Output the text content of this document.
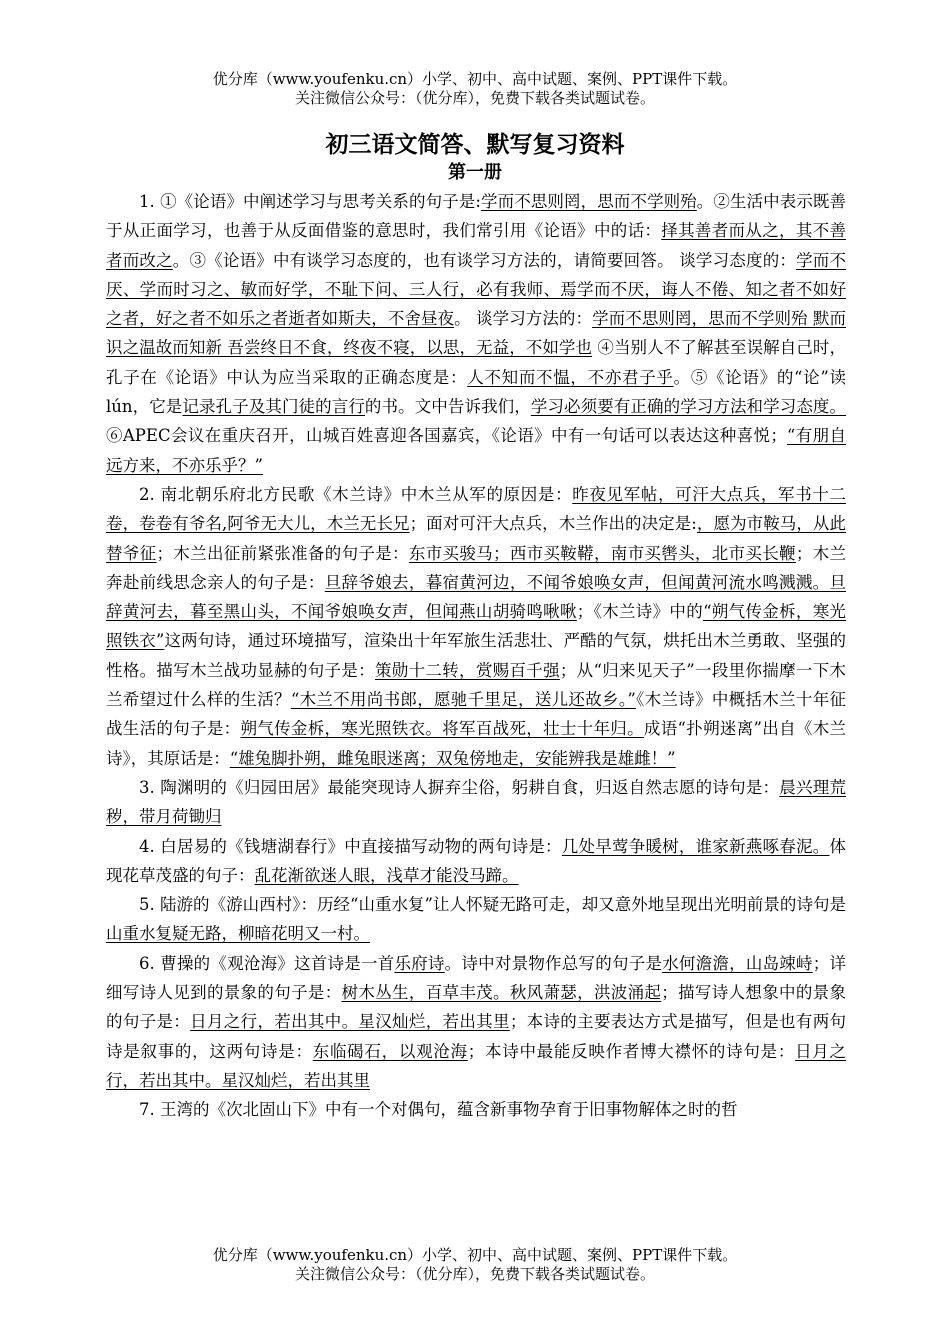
优分库（www.youfenku.cn）小学、初中、高中试题、案例、PPT课件下载。
关注微信公众号：（优分库），免费下载各类试题试卷。
初三语文简答、默写复习资料
第一册

1. ①《论语》中阐述学习与思考关系的句子是:学而不思则罔，思而不学则殆。②生活中表示既善于从正面学习，也善于从反面借鉴的意思时，我们常引用《论语》中的话：择其善者而从之，其不善者而改之。③《论语》中有谈学习态度的，也有谈学习方法的，请简要回答。 谈学习态度的：学而不厌、学而时习之、敏而好学，不耻下问、三人行，必有我师、焉学而不厌，诲人不倦、知之者不如好之者，好之者不如乐之者逝者如斯夫，不舍昼夜。 谈学习方法的：学而不思则罔，思而不学则殆 默而识之温故而知新 吾尝终日不食，终夜不寝，以思，无益，不如学也 ④当别人不了解甚至误解自己时，孔子在《论语》中认为应当采取的正确态度是：人不知而不愠，不亦君子乎。⑤《论语》的“论”读 lún，它是记录孔子及其门徒的言行的书。文中告诉我们，学习必须要有正确的学习方法和学习态度。⑥APEC会议在重庆召开，山城百姓喜迎各国嘉宾，《论语》中有一句话可以表达这种喜悦；“有朋自远方来，不亦乐乎？”

2. 南北朝乐府北方民歌《木兰诗》中木兰从军的原因是：昨夜见军帖，可汗大点兵，军书十二卷，卷卷有爷名,阿爷无大儿，木兰无长兄；面对可汗大点兵，木兰作出的决定是:，愿为市鞍马，从此替爷征；木兰出征前紧张准备的句子是：东市买骏马；西市买鞍鞯，南市买辔头，北市买长鞭；木兰奔赴前线思念亲人的句子是：旦辞爷娘去，暮宿黄河边，不闻爷娘唤女声，但闻黄河流水鸣溅溅。旦辞黄河去，暮至黑山头，不闻爷娘唤女声，但闻燕山胡骑鸣啾啾；《木兰诗》中的“朔气传金柝，寒光照铁衣”这两句诗，通过环境描写，渲染出十年军旅生活悲壮、严酷的气氛，烘托出木兰勇敢、坚强的性格。描写木兰战功显赫的句子是：策勋十二转，赏赐百千强；从“归来见天子”一段里你揣摩一下木兰希望过什么样的生活？“木兰不用尚书郎，愿驰千里足，送儿还故乡。”《木兰诗》中概括木兰十年征战生活的句子是：朔气传金柝，寒光照铁衣。将军百战死，壮士十年归。成语“扑朔迷离”出自《木兰诗》，其原话是：“雄兔脚扑朔，雌兔眼迷离；双兔傍地走，安能辨我是雄雌！”

3. 陶渊明的《归园田居》最能突现诗人摒弃尘俗，躬耕自食，归返自然志愿的诗句是：晨兴理荒秽，带月荷锄归

4. 白居易的《钱塘湖春行》中直接描写动物的两句诗是：几处早莺争暖树，谁家新燕啄春泥。体现花草茂盛的句子：乱花渐欲迷人眼，浅草才能没马蹄。

5. 陆游的《游山西村》：历经“山重水复”让人怀疑无路可走，却又意外地呈现出光明前景的诗句是山重水复疑无路，柳暗花明又一村。

6. 曹操的《观沧海》这首诗是一首乐府诗。诗中对景物作总写的句子是水何澹澹，山岛竦峙；详细写诗人见到的景象的句子是：树木丛生，百草丰茂。秋风萧瑟，洪波涌起；描写诗人想象中的景象的句子是：日月之行，若出其中。星汉灿烂，若出其里；本诗的主要表达方式是描写，但是也有两句诗是叙事的，这两句诗是：东临碣石，以观沧海；本诗中最能反映作者博大襟怀的诗句是：日月之行，若出其中。星汉灿烂，若出其里

7. 王湾的《次北固山下》中有一个对偶句，蕴含新事物孕育于旧事物解体之时的哲

优分库（www.youfenku.cn）小学、初中、高中试题、案例、PPT课件下载。
关注微信公众号：（优分库），免费下载各类试题试卷。
